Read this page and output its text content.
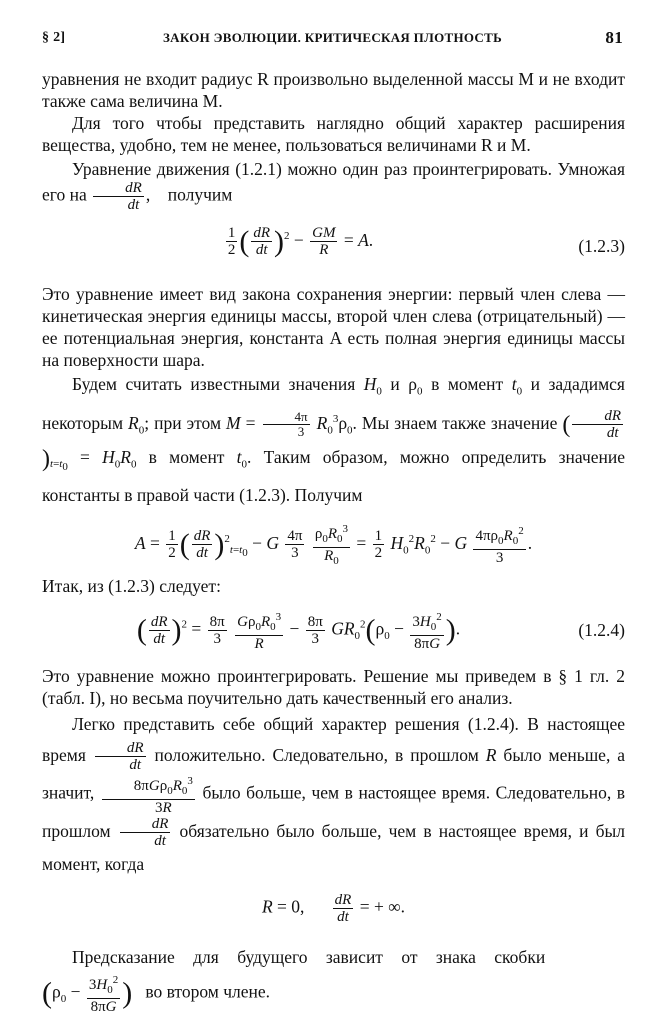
§ 2]	ЗАКОН ЭВОЛЮЦИИ. КРИТИЧЕСКАЯ ПЛОТНОСТЬ	81

уравнения не входит радиус R произвольно выделенной массы M и не входит также сама величина M.

Для того чтобы представить наглядно общий характер расширения вещества, удобно, тем не менее, пользоваться величинами R и M.

Уравнение движения (1.2.1) можно один раз проинтегрировать. Умножая его на $\frac{dR}{dt}$ ,    получим

$\frac{1}{2}$ ( $\frac{dR}{dt} )^2 - \frac{GM}{R} = A$.	(1.2.3)

Это уравнение имеет вид закона сохранения энергии: первый член слева — кинетическая энергия единицы массы, второй член слева (отрицательный) — ее потенциальная энергия, константа A есть полная энергия единицы массы на поверхности шара.

Будем считать известными значения $H_0$ и $\rho_0$ в момент $t_0$ и зададимся некоторым $R_0$; при этом $M = \frac{4\pi}{3} R_0^3\rho_0$. Мы знаем также значение ( $\frac{dR}{dt}$
)$_{t=t_0} = H_0R_0$ в момент $t_0$. Таким образом, можно определить значение константы в правой части (1.2.3). Получим

$A = \frac{1}{2}$ ( $\frac{dR}{dt} )^2_{t=t_0} - G \frac{4\pi}{3}$
$\frac{\rho_0R_0^3}{R_0} = \frac{1}{2} H_0^2R_0^2 - G \frac{4\pi\rho_0R_0^2}{3}$ .

Итак, из (1.2.3) следует:

( $\frac{dR}{dt} )^2 = \frac{8\pi}{3}$
$\frac{G\rho_0R_0^3}{R} - \frac{8\pi}{3} GR_0^2(\rho_0 - \frac{3H_0^2}{8\pi G}$ ).	(1.2.4)

Это уравнение можно проинтегрировать. Решение мы приведем в § 1 гл. 2 (табл. I), но весьма поучительно дать качественный его анализ.

Легко представить себе общий характер решения (1.2.4). В настоящее время $\frac{dR}{dt}$ положительно. Следовательно, в прошлом R было меньше, а значит, $\frac{8\pi G\rho_0R_0^3}{3R}$ было больше, чем в настоящее время. Следовательно, в прошлом $\frac{dR}{dt}$ обязательно было больше, чем в настоящее время, и был момент, когда

R = 0, $\frac{dR}{dt}$ = + ∞.

Предсказание для будущего зависит от знака скобки

($\rho_0 - \frac{3H_0^2}{8\pi G}$ ) во втором члене.
